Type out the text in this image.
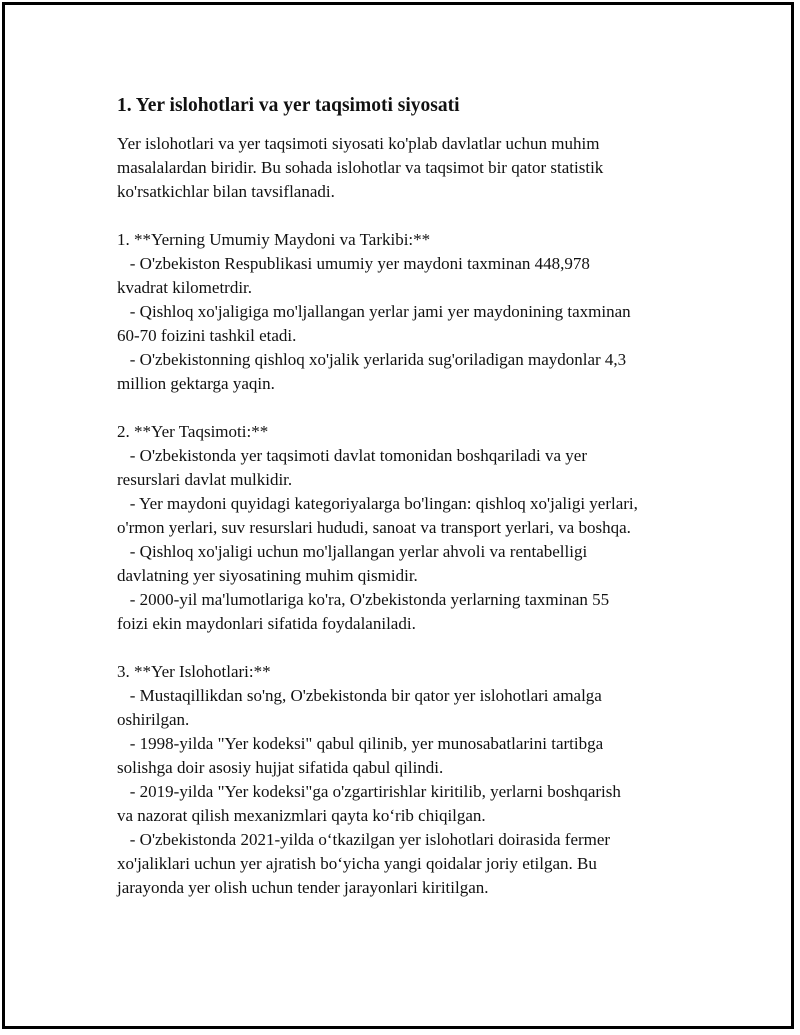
1. Yer islohotlari va yer taqsimoti siyosati
Yer islohotlari va yer taqsimoti siyosati ko'plab davlatlar uchun muhim
masalalardan biridir. Bu sohada islohotlar va taqsimot bir qator statistik
ko'rsatkichlar bilan tavsiflanadi.
1. **Yerning Umumiy Maydoni va Tarkibi:**
- O'zbekiston Respublikasi umumiy yer maydoni taxminan 448,978
kvadrat kilometrdir.
- Qishloq xo'jaligiga mo'ljallangan yerlar jami yer maydonining taxminan
60-70 foizini tashkil etadi.
- O'zbekistonning qishloq xo'jalik yerlarida sug'oriladigan maydonlar 4,3
million gektarga yaqin.
2. **Yer Taqsimoti:**
- O'zbekistonda yer taqsimoti davlat tomonidan boshqariladi va yer
resurslari davlat mulkidir.
- Yer maydoni quyidagi kategoriyalarga bo'lingan: qishloq xo'jaligi yerlari,
o'rmon yerlari, suv resurslari hududi, sanoat va transport yerlari, va boshqa.
- Qishloq xo'jaligi uchun mo'ljallangan yerlar ahvoli va rentabelligi
davlatning yer siyosatining muhim qismidir.
- 2000-yil ma'lumotlariga ko'ra, O'zbekistonda yerlarning taxminan 55
foizi ekin maydonlari sifatida foydalaniladi.
3. **Yer Islohotlari:**
- Mustaqillikdan so'ng, O'zbekistonda bir qator yer islohotlari amalga
oshirilgan.
- 1998-yilda "Yer kodeksi" qabul qilinib, yer munosabatlarini tartibga
solishga doir asosiy hujjat sifatida qabul qilindi.
- 2019-yilda "Yer kodeksi"ga o'zgartirishlar kiritilib, yerlarni boshqarish
va nazorat qilish mexanizmlari qayta ko‘rib chiqilgan.
- O'zbekistonda 2021-yilda o‘tkazilgan yer islohotlari doirasida fermer
xo'jaliklari uchun yer ajratish bo‘yicha yangi qoidalar joriy etilgan. Bu
jarayonda yer olish uchun tender jarayonlari kiritilgan.
